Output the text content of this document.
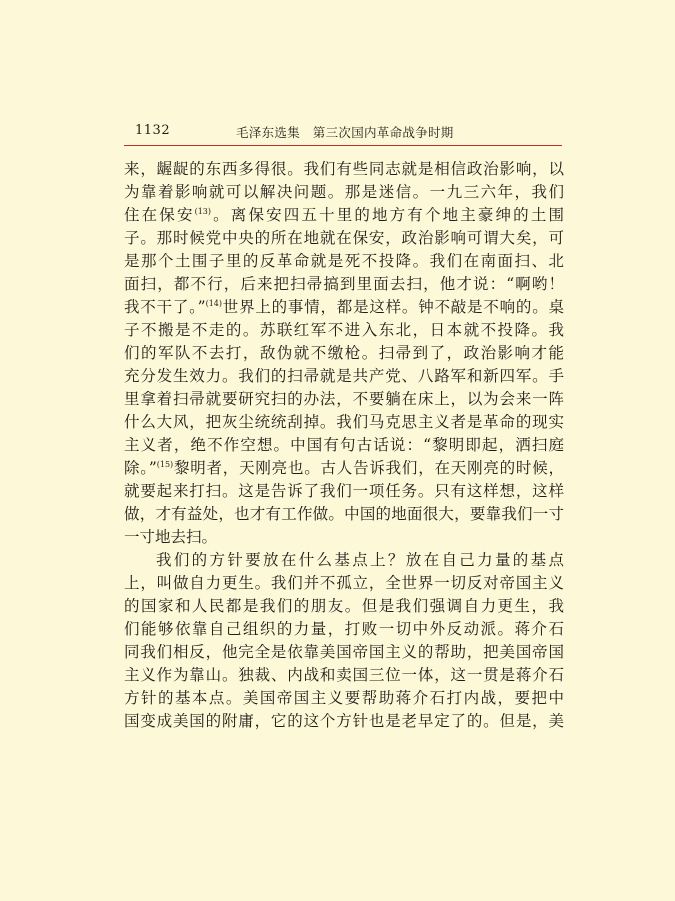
1132	毛泽东选集　第三次国内革命战争时期
来，龌龊的东西多得很。我们有些同志就是相信政治影响，以
为靠着影响就可以解决问题。那是迷信。一九三六年，我们
住在保安$^{(13)}$。离保安四五十里的地方有个地主豪绅的土围
子。那时候党中央的所在地就在保安，政治影响可谓大矣，可
是那个土围子里的反革命就是死不投降。我们在南面扫、北
面扫，都不行，后来把扫帚搞到里面去扫，他才说：“啊哟！
我不干了。”$^{(14)}$世界上的事情，都是这样。钟不敲是不响的。桌
子不搬是不走的。苏联红军不进入东北，日本就不投降。我
们的军队不去打，敌伪就不缴枪。扫帚到了，政治影响才能
充分发生效力。我们的扫帚就是共产党、八路军和新四军。手
里拿着扫帚就要研究扫的办法，不要躺在床上，以为会来一阵
什么大风，把灰尘统统刮掉。我们马克思主义者是革命的现实
主义者，绝不作空想。中国有句古话说：“黎明即起，洒扫庭
除。”$^{(15)}$黎明者，天刚亮也。古人告诉我们，在天刚亮的时候，
就要起来打扫。这是告诉了我们一项任务。只有这样想，这样
做，才有益处，也才有工作做。中国的地面很大，要靠我们一寸
一寸地去扫。
我们的方针要放在什么基点上？放在自己力量的基点
上，叫做自力更生。我们并不孤立，全世界一切反对帝国主义
的国家和人民都是我们的朋友。但是我们强调自力更生，我
们能够依靠自己组织的力量，打败一切中外反动派。蒋介石
同我们相反，他完全是依靠美国帝国主义的帮助，把美国帝国
主义作为靠山。独裁、内战和卖国三位一体，这一贯是蒋介石
方针的基本点。美国帝国主义要帮助蒋介石打内战，要把中
国变成美国的附庸，它的这个方针也是老早定了的。但是，美
